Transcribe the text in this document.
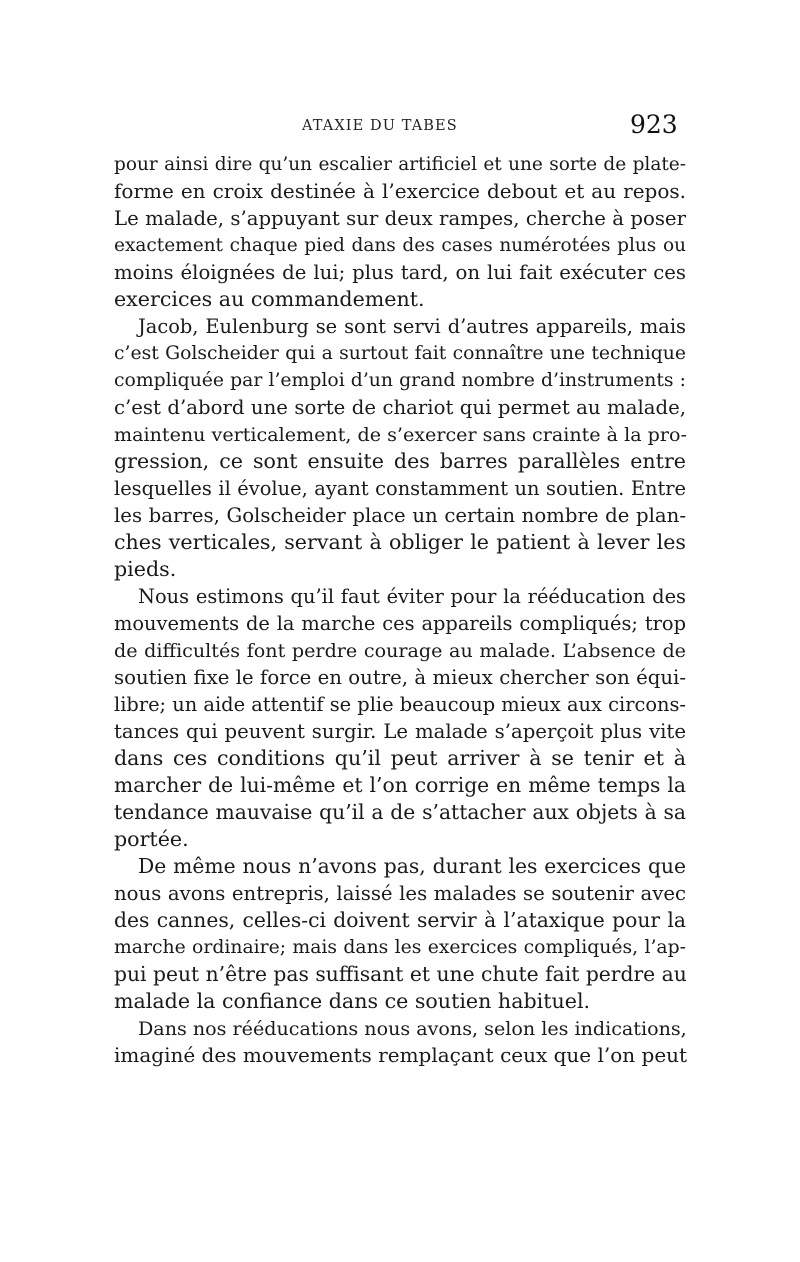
ATAXIE DU TABES	923
pour ainsi dire qu’un escalier artificiel et une sorte de plate-
forme en croix destinée à l’exercice debout et au repos.
Le malade, s’appuyant sur deux rampes, cherche à poser
exactement chaque pied dans des cases numérotées plus ou
moins éloignées de lui; plus tard, on lui fait exécuter ces
exercices au commandement.
Jacob, Eulenburg se sont servi d’autres appareils, mais
c’est Golscheider qui a surtout fait connaître une technique
compliquée par l’emploi d’un grand nombre d’instruments :
c’est d’abord une sorte de chariot qui permet au malade,
maintenu verticalement, de s’exercer sans crainte à la pro-
gression, ce sont ensuite des barres parallèles entre
lesquelles il évolue, ayant constamment un soutien. Entre
les barres, Golscheider place un certain nombre de plan-
ches verticales, servant à obliger le patient à lever les
pieds.
Nous estimons qu’il faut éviter pour la rééducation des
mouvements de la marche ces appareils compliqués; trop
de difficultés font perdre courage au malade. L’absence de
soutien fixe le force en outre, à mieux chercher son équi-
libre; un aide attentif se plie beaucoup mieux aux circons-
tances qui peuvent surgir. Le malade s’aperçoit plus vite
dans ces conditions qu’il peut arriver à se tenir et à
marcher de lui-même et l’on corrige en même temps la
tendance mauvaise qu’il a de s’attacher aux objets à sa
portée.
De même nous n’avons pas, durant les exercices que
nous avons entrepris, laissé les malades se soutenir avec
des cannes, celles-ci doivent servir à l’ataxique pour la
marche ordinaire; mais dans les exercices compliqués, l’ap-
pui peut n’être pas suffisant et une chute fait perdre au
malade la confiance dans ce soutien habituel.
Dans nos rééducations nous avons, selon les indications,
imaginé des mouvements remplaçant ceux que l’on peut
